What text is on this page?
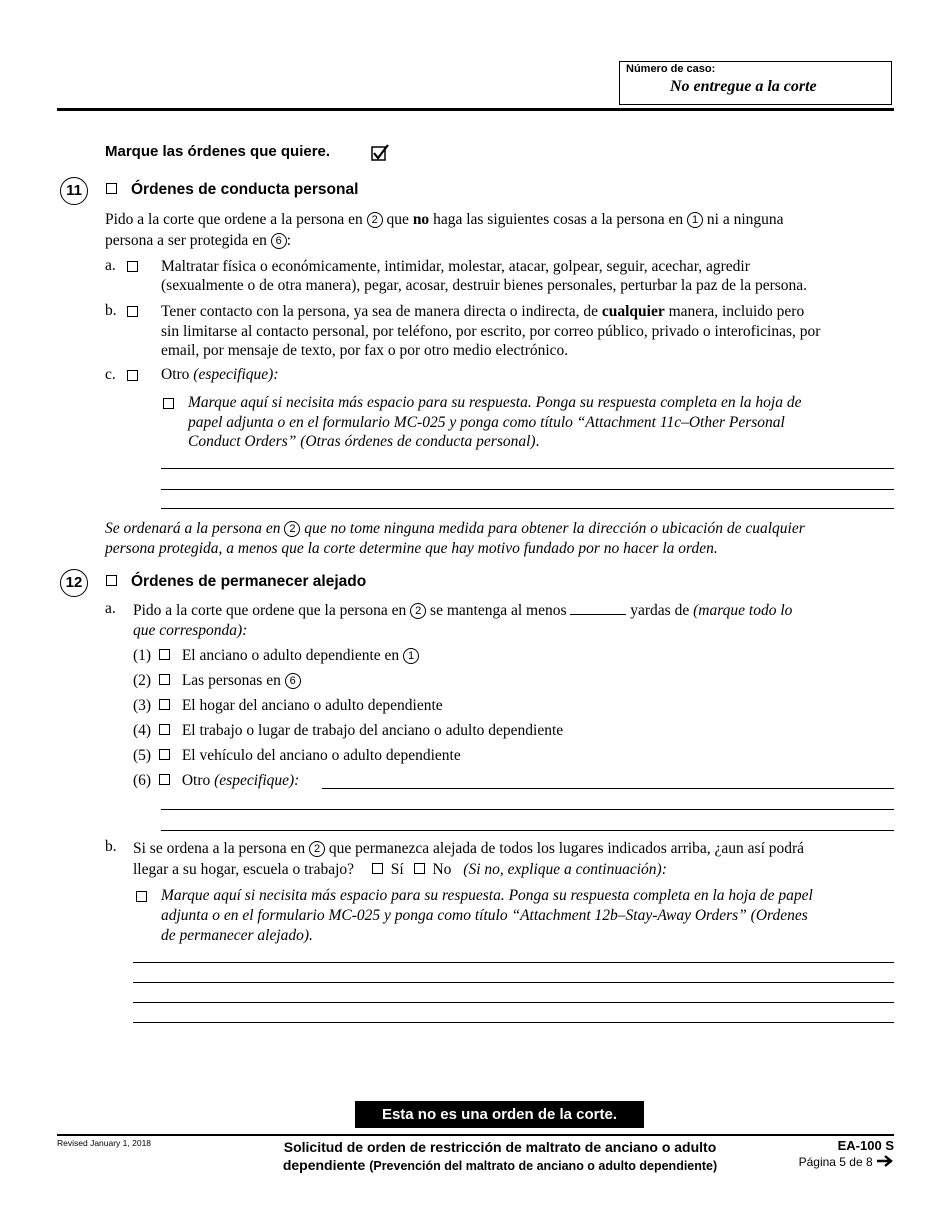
Número de caso:
No entregue a la corte
Marque las órdenes que quiere.
11	Órdenes de conducta personal
Pido a la corte que ordene a la persona en 2 que no haga las siguientes cosas a la persona en 1 ni a ninguna
persona a ser protegida en 6 :
a.	Maltratar física o económicamente, intimidar, molestar, atacar, golpear, seguir, acechar, agredir
(sexualmente o de otra manera), pegar, acosar, destruir bienes personales, perturbar la paz de la persona.
b.	Tener contacto con la persona, ya sea de manera directa o indirecta, de cualquier manera, incluido pero
sin limitarse al contacto personal, por teléfono, por escrito, por correo público, privado o interoficinas, por
email, por mensaje de texto, por fax o por otro medio electrónico.
c.	Otro (especifique):
Marque aquí si necisita más espacio para su respuesta. Ponga su respuesta completa en la hoja de
papel adjunta o en el formulario MC-025 y ponga como título “Attachment 11c–Other Personal
Conduct Orders” (Otras órdenes de conducta personal).
Se ordenará a la persona en 2 que no tome ninguna medida para obtener la dirección o ubicación de cualquier
persona protegida, a menos que la corte determine que hay motivo fundado por no hacer la orden.
12	Órdenes de permanecer alejado
a. Pido a la corte que ordene que la persona en 2 se mantenga al menos	yardas de (marque todo lo
que corresponda):
(1) El anciano o adulto dependiente en 1
(2) Las personas en 6
(3) El hogar del anciano o adulto dependiente
(4) El trabajo o lugar de trabajo del anciano o adulto dependiente
(5) El vehículo del anciano o adulto dependiente
(6) Otro (especifique):
b. Si se ordena a la persona en 2 que permanezca alejada de todos los lugares indicados arriba, ¿aun así podrá
llegar a su hogar, escuela o trabajo? Sí No (Si no, explique a continuación):
Marque aquí si necisita más espacio para su respuesta. Ponga su respuesta completa en la hoja de papel
adjunta o en el formulario MC-025 y ponga como título “Attachment 12b–Stay-Away Orders” (Ordenes
de permanecer alejado).
Esta no es una orden de la corte.
Revised January 1, 2018	Solicitud de orden de restricción de maltrato de anciano o adulto
dependiente (Prevención del maltrato de anciano o adulto dependiente)
EA-100 S
Página 5 de 8
